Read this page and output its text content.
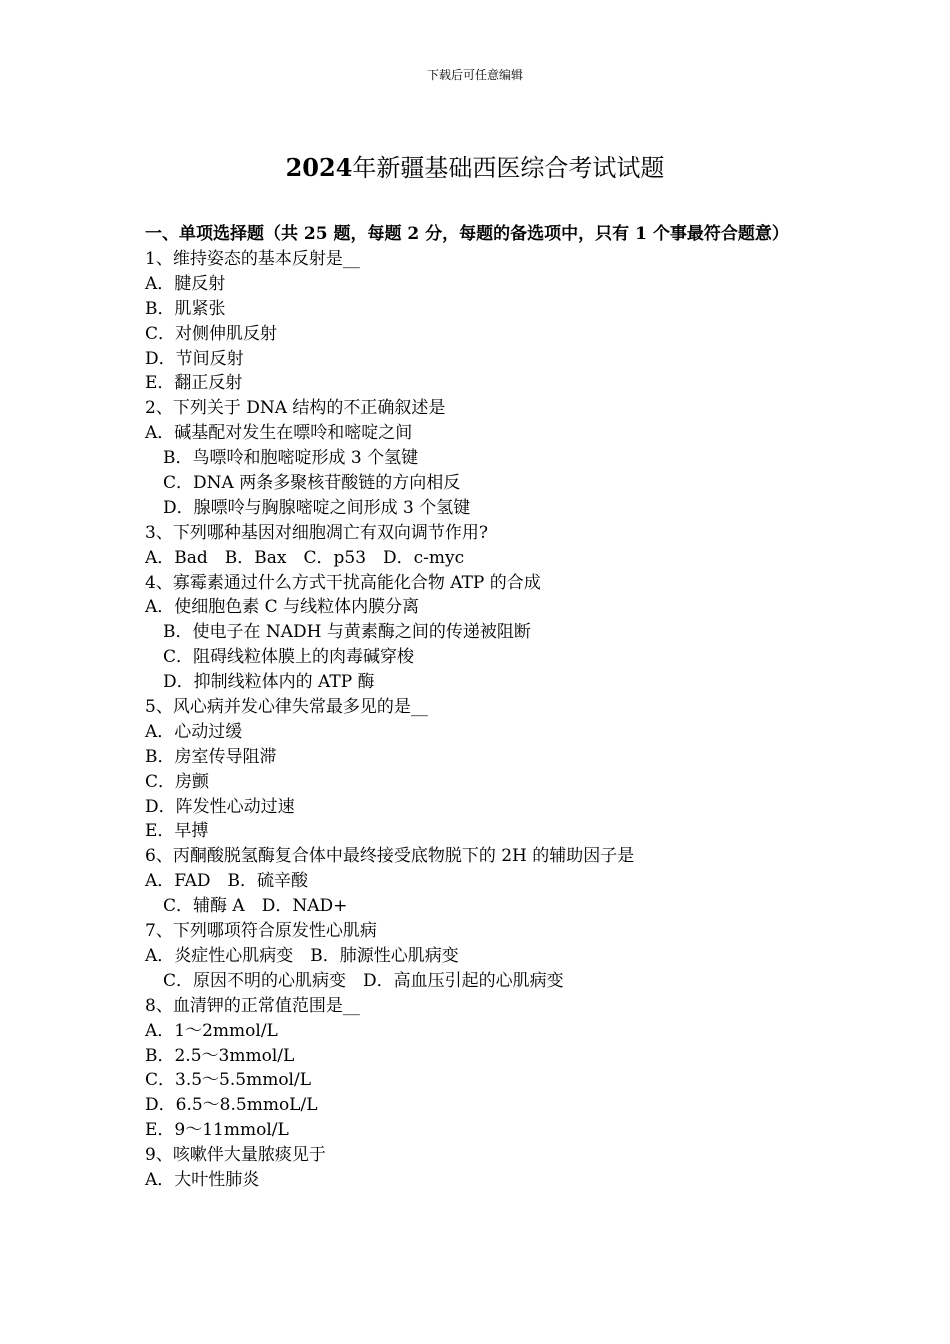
下载后可任意编辑
2024年新疆基础西医综合考试试题

一、单项选择题（共 25 题，每题 2 分，每题的备选项中，只有 1 个事最符合题意）

1、维持姿态的基本反射是__

A．腱反射

B．肌紧张

C．对侧伸肌反射

D．节间反射

E．翻正反射

2、下列关于 DNA 结构的不正确叙述是

A．碱基配对发生在嘌呤和嘧啶之间

B．鸟嘌呤和胞嘧啶形成 3 个氢键

C．DNA 两条多聚核苷酸链的方向相反

D．腺嘌呤与胸腺嘧啶之间形成 3 个氢键

3、下列哪种基因对细胞凋亡有双向调节作用?

A．Bad　B．Bax　C．p53　D．c-myc

4、寡霉素通过什么方式干扰高能化合物 ATP 的合成

A．使细胞色素 C 与线粒体内膜分离

B．使电子在 NADH 与黄素酶之间的传递被阻断

C．阻碍线粒体膜上的肉毒碱穿梭

D．抑制线粒体内的 ATP 酶

5、风心病并发心律失常最多见的是__

A．心动过缓

B．房室传导阻滞

C．房颤

D．阵发性心动过速

E．早搏

6、丙酮酸脱氢酶复合体中最终接受底物脱下的 2H 的辅助因子是

A．FAD　B．硫辛酸

C．辅酶 A　D．NAD+

7、下列哪项符合原发性心肌病

A．炎症性心肌病变　B．肺源性心肌病变

C．原因不明的心肌病变　D．高血压引起的心肌病变

8、血清钾的正常值范围是__

A．1～2mmol/L

B．2.5～3mmol/L

C．3.5～5.5mmol/L

D．6.5～8.5mmoL/L

E．9～11mmol/L

9、咳嗽伴大量脓痰见于

A．大叶性肺炎
